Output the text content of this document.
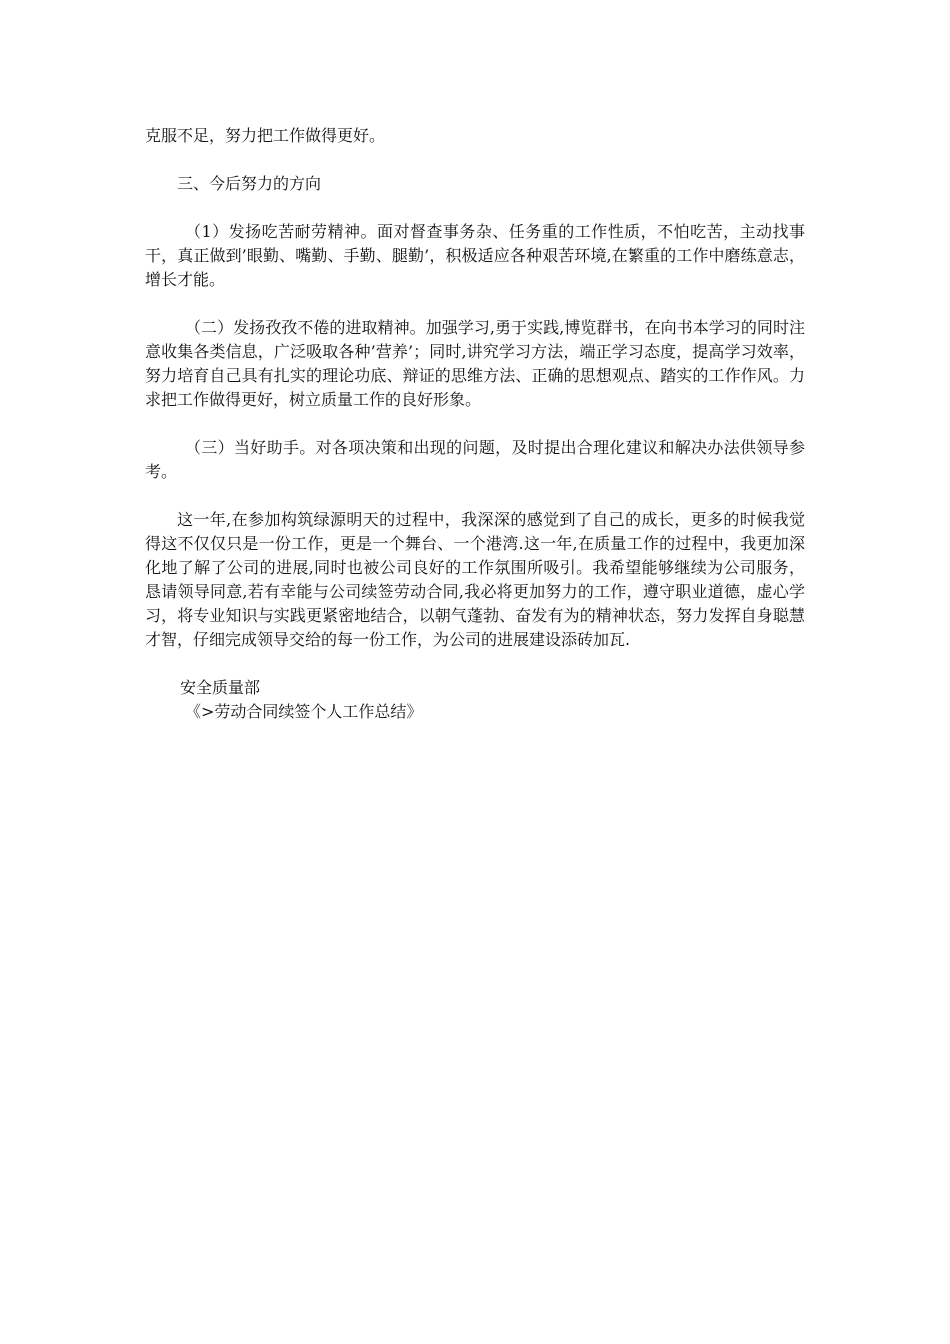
克服不足，努力把工作做得更好。

三、今后努力的方向

（1）发扬吃苦耐劳精神。面对督查事务杂、任务重的工作性质，不怕吃苦，主动找事干，真正做到’眼勤、嘴勤、手勤、腿勤’，积极适应各种艰苦环境,在繁重的工作中磨练意志，增长才能。

（二）发扬孜孜不倦的进取精神。加强学习,勇于实践,博览群书，在向书本学习的同时注意收集各类信息，广泛吸取各种’营养’；同时,讲究学习方法，端正学习态度，提高学习效率，努力培育自己具有扎实的理论功底、辩证的思维方法、正确的思想观点、踏实的工作作风。力求把工作做得更好，树立质量工作的良好形象。

（三）当好助手。对各项决策和出现的问题，及时提出合理化建议和解决办法供领导参考。

这一年,在参加构筑绿源明天的过程中，我深深的感觉到了自己的成长，更多的时候我觉得这不仅仅只是一份工作，更是一个舞台、一个港湾.这一年,在质量工作的过程中，我更加深化地了解了公司的进展,同时也被公司良好的工作氛围所吸引。我希望能够继续为公司服务，恳请领导同意,若有幸能与公司续签劳动合同,我必将更加努力的工作，遵守职业道德，虚心学习，将专业知识与实践更紧密地结合，以朝气蓬勃、奋发有为的精神状态，努力发挥自身聪慧才智，仔细完成领导交给的每一份工作，为公司的进展建设添砖加瓦.

安全质量部

《>劳动合同续签个人工作总结》
